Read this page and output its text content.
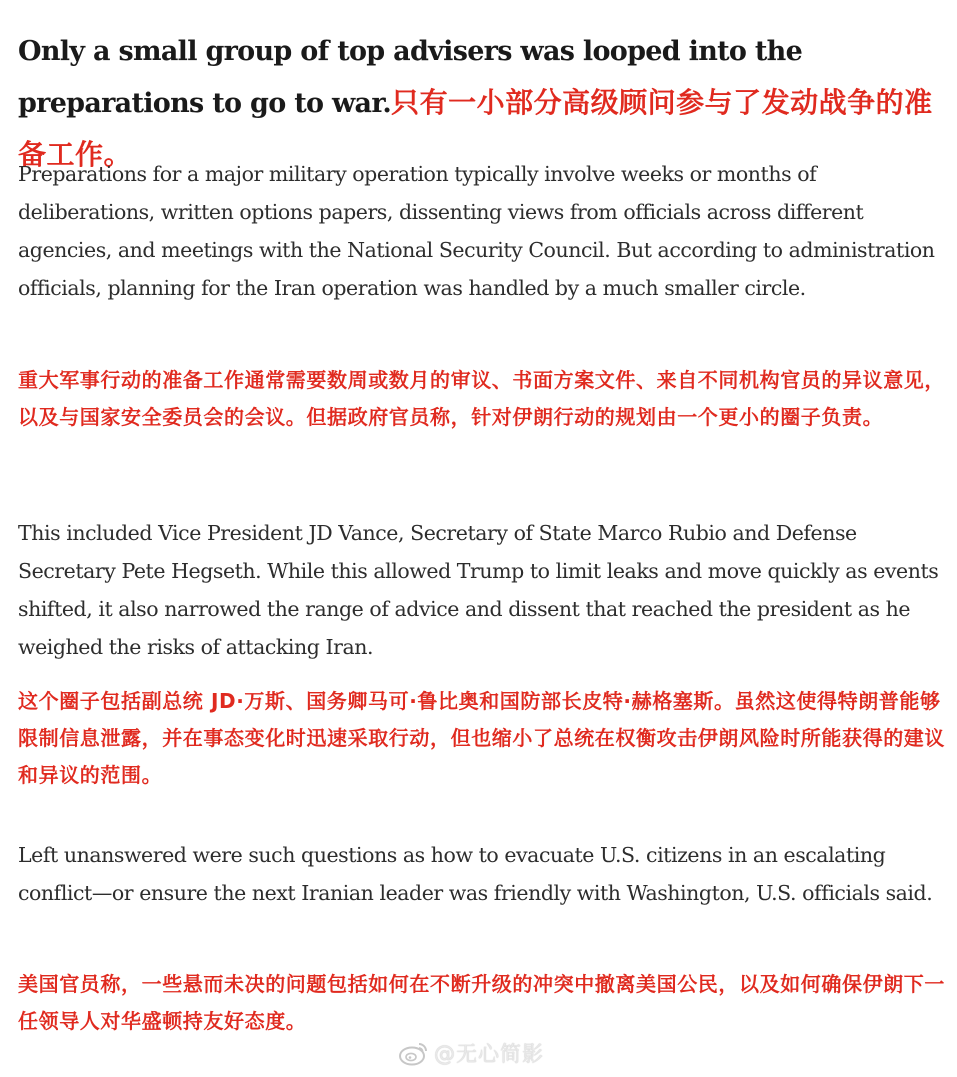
Only a small group of top advisers was looped into the preparations to go to war.只有一小部分高级顾问参与了发动战争的准备工作。

Preparations for a major military operation typically involve weeks or months of deliberations, written options papers, dissenting views from officials across different agencies, and meetings with the National Security Council. But according to administration officials, planning for the Iran operation was handled by a much smaller circle.

重大军事行动的准备工作通常需要数周或数月的审议、书面方案文件、来自不同机构官员的异议意见，以及与国家安全委员会的会议。但据政府官员称，针对伊朗行动的规划由一个更小的圈子负责。

This included Vice President JD Vance, Secretary of State Marco Rubio and Defense Secretary Pete Hegseth. While this allowed Trump to limit leaks and move quickly as events shifted, it also narrowed the range of advice and dissent that reached the president as he weighed the risks of attacking Iran.

这个圈子包括副总统 JD·万斯、国务卿马可·鲁比奥和国防部长皮特·赫格塞斯。虽然这使得特朗普能够限制信息泄露，并在事态变化时迅速采取行动，但也缩小了总统在权衡攻击伊朗风险时所能获得的建议和异议的范围。

Left unanswered were such questions as how to evacuate U.S. citizens in an escalating conflict—or ensure the next Iranian leader was friendly with Washington, U.S. officials said.

美国官员称，一些悬而未决的问题包括如何在不断升级的冲突中撤离美国公民，以及如何确保伊朗下一任领导人对华盛顿持友好态度。

@无心简影
